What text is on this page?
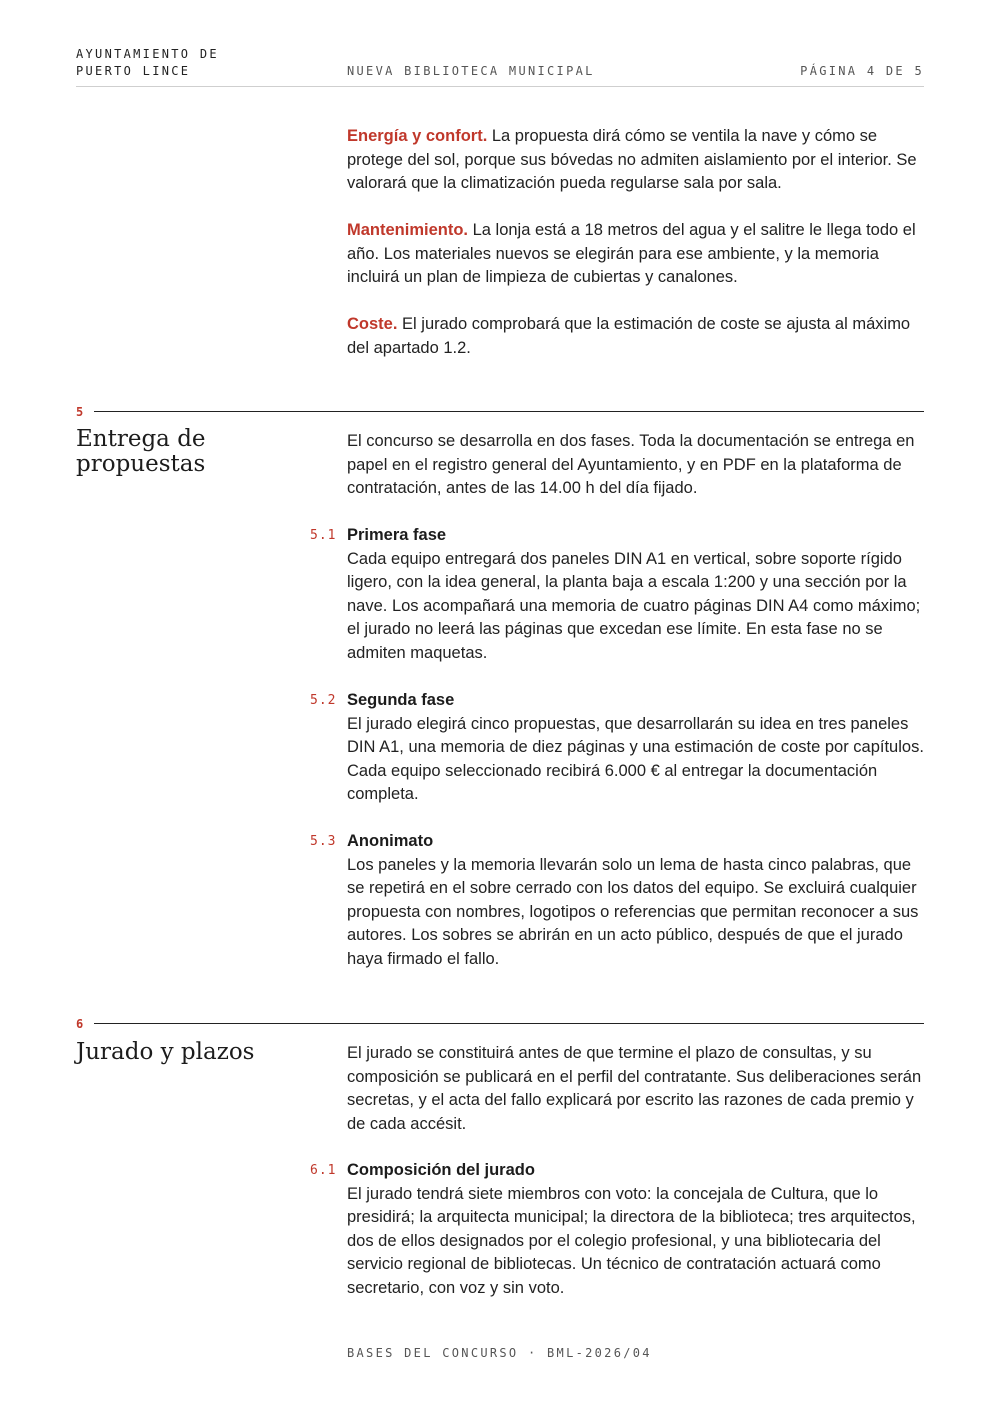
AYUNTAMIENTO DE
PUERTO LINCE	NUEVA BIBLIOTECA MUNICIPAL	PÁGINA 4 DE 5

Energía y confort. La propuesta dirá cómo se ventila la nave y cómo se protege del sol, porque sus bóvedas no admiten aislamiento por el interior. Se valorará que la climatización pueda regularse sala por sala.

Mantenimiento. La lonja está a 18 metros del agua y el salitre le llega todo el año. Los materiales nuevos se elegirán para ese ambiente, y la memoria incluirá un plan de limpieza de cubiertas y canalones.

Coste. El jurado comprobará que la estimación de coste se ajusta al máximo del apartado 1.2.

5
Entrega de propuestas
El concurso se desarrolla en dos fases. Toda la documentación se entrega en papel en el registro general del Ayuntamiento, y en PDF en la plataforma de contratación, antes de las 14.00 h del día fijado.
5.1 Primera fase
Cada equipo entregará dos paneles DIN A1 en vertical, sobre soporte rígido ligero, con la idea general, la planta baja a escala 1:200 y una sección por la nave. Los acompañará una memoria de cuatro páginas DIN A4 como máximo; el jurado no leerá las páginas que excedan ese límite. En esta fase no se admiten maquetas.
5.2 Segunda fase
El jurado elegirá cinco propuestas, que desarrollarán su idea en tres paneles DIN A1, una memoria de diez páginas y una estimación de coste por capítulos. Cada equipo seleccionado recibirá 6.000 € al entregar la documentación completa.
5.3 Anonimato
Los paneles y la memoria llevarán solo un lema de hasta cinco palabras, que se repetirá en el sobre cerrado con los datos del equipo. Se excluirá cualquier propuesta con nombres, logotipos o referencias que permitan reconocer a sus autores. Los sobres se abrirán en un acto público, después de que el jurado haya firmado el fallo.
6
Jurado y plazos	El jurado se constituirá antes de que termine el plazo de consultas, y su composición se publicará en el perfil del contratante. Sus deliberaciones serán secretas, y el acta del fallo explicará por escrito las razones de cada premio y de cada accésit.
6.1 Composición del jurado
El jurado tendrá siete miembros con voto: la concejala de Cultura, que lo presidirá; la arquitecta municipal; la directora de la biblioteca; tres arquitectos, dos de ellos designados por el colegio profesional, y una bibliotecaria del servicio regional de bibliotecas. Un técnico de contratación actuará como secretario, con voz y sin voto.
BASES DEL CONCURSO · BML-2026/04
